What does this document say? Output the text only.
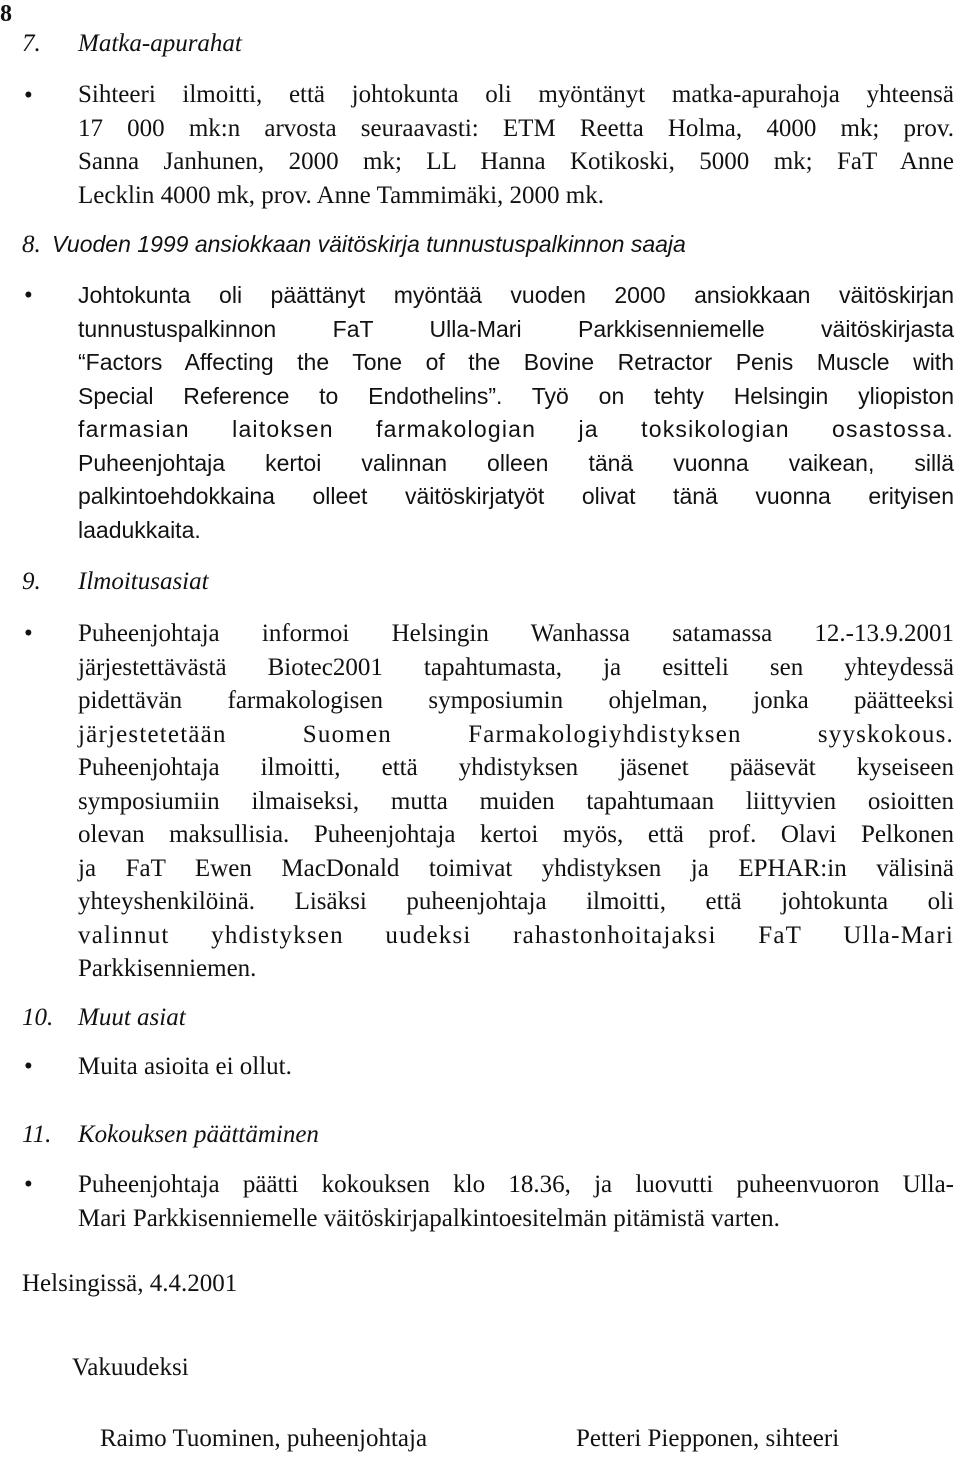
8
7. Matka-apurahat
• Sihteeri ilmoitti, että johtokunta oli myöntänyt matka-apurahoja yhteensä
17 000 mk:n arvosta seuraavasti: ETM Reetta Holma, 4000 mk; prov.
Sanna Janhunen, 2000 mk; LL Hanna Kotikoski, 5000 mk; FaT Anne
Lecklin 4000 mk, prov. Anne Tammimäki, 2000 mk.
8. Vuoden 1999 ansiokkaan väitöskirja tunnustuspalkinnon saaja
• Johtokunta oli päättänyt myöntää vuoden 2000 ansiokkaan väitöskirjan
tunnustuspalkinnon FaT Ulla-Mari Parkkisenniemelle väitöskirjasta
“Factors Affecting the Tone of the Bovine Retractor Penis Muscle with
Special Reference to Endothelins”. Työ on tehty Helsingin yliopiston
farmasian laitoksen farmakologian ja toksikologian osastossa.
Puheenjohtaja kertoi valinnan olleen tänä vuonna vaikean, sillä
palkintoehdokkaina olleet väitöskirjatyöt olivat tänä vuonna erityisen
laadukkaita.
9. Ilmoitusasiat
• Puheenjohtaja informoi Helsingin Wanhassa satamassa 12.-13.9.2001
järjestettävästä Biotec2001 tapahtumasta, ja esitteli sen yhteydessä
pidettävän farmakologisen symposiumin ohjelman, jonka päätteeksi
järjestetetään Suomen Farmakologiyhdistyksen syyskokous.
Puheenjohtaja ilmoitti, että yhdistyksen jäsenet pääsevät kyseiseen
symposiumiin ilmaiseksi, mutta muiden tapahtumaan liittyvien osioitten
olevan maksullisia. Puheenjohtaja kertoi myös, että prof. Olavi Pelkonen
ja FaT Ewen MacDonald toimivat yhdistyksen ja EPHAR:in välisinä
yhteyshenkilöinä. Lisäksi puheenjohtaja ilmoitti, että johtokunta oli
valinnut yhdistyksen uudeksi rahastonhoitajaksi FaT Ulla-Mari
Parkkisenniemen.
10. Muut asiat
• Muita asioita ei ollut.
11. Kokouksen päättäminen
• Puheenjohtaja päätti kokouksen klo 18.36, ja luovutti puheenvuoron Ulla-
Mari Parkkisenniemelle väitöskirjapalkintoesitelmän pitämistä varten.
Helsingissä, 4.4.2001
Vakuudeksi
Raimo Tuominen, puheenjohtaja	Petteri Piepponen, sihteeri
